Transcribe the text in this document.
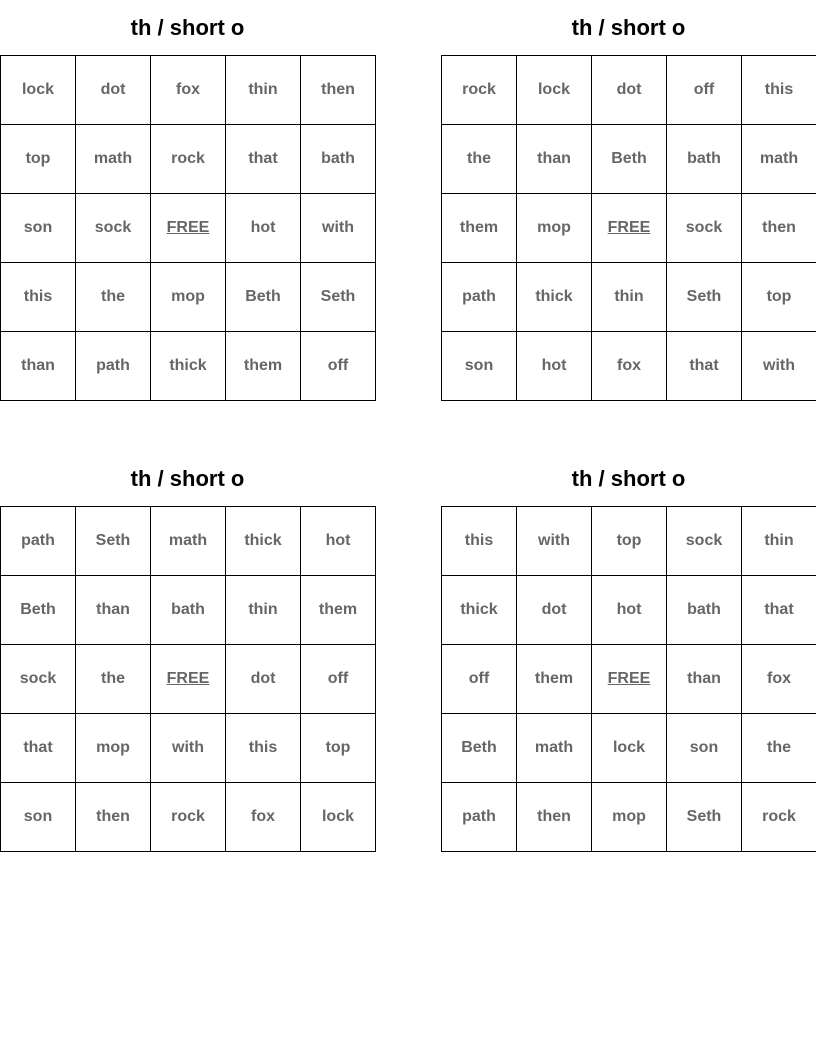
th / short o
lock	dot	fox	thin	then
top	math	rock	that	bath
son	sock	FREE	hot	with
this	the	mop	Beth	Seth
than	path	thick	them	off
th / short o
rock	lock	dot	off	this
the	than	Beth	bath	math
them	mop	FREE	sock	then
path	thick	thin	Seth	top
son	hot	fox	that	with
th / short o
path	Seth	math	thick	hot
Beth	than	bath	thin	them
sock	the	FREE	dot	off
that	mop	with	this	top
son	then	rock	fox	lock
th / short o
this	with	top	sock	thin
thick	dot	hot	bath	that
off	them	FREE	than	fox
Beth	math	lock	son	the
path	then	mop	Seth	rock
